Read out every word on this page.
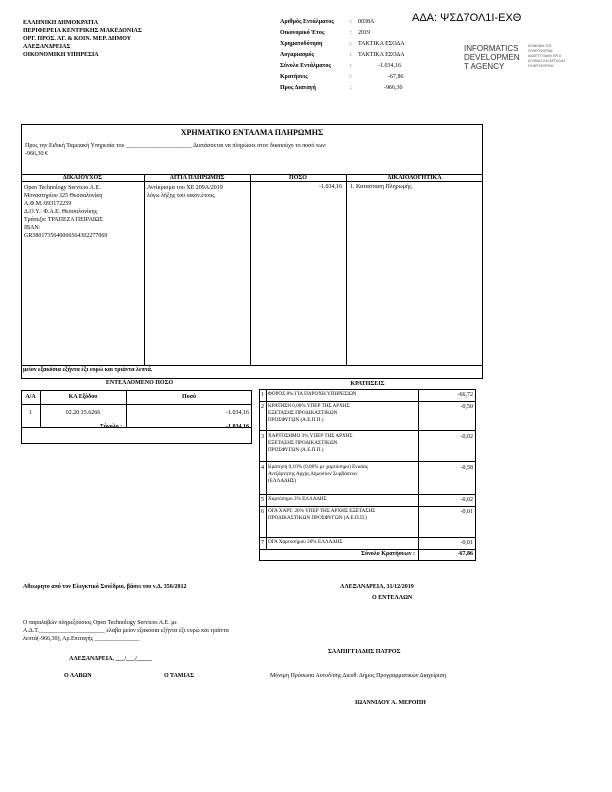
ΑΔΑ: ΨΣΔ7ΟΛ1Ι-ΕΧΘ
ΕΛΛΗΝΙΚΗ ΔΗΜΟΚΡΑΤΙΑ
ΠΕΡΙΦΕΡΕΙΑ ΚΕΝΤΡΙΚΗΣ ΜΑΚΕΔΟΝΙΑΣ
ΟΡΓ. ΠΡΟΣ. ΑΓ. & ΚΟΙΝ. ΜΕΡ. ΔΗΜΟΥ
ΑΛΕΞΑΝΔΡΕΙΑΣ
ΟΙΚΟΝΟΜΙΚΗ ΥΠΗΡΕΣΙΑ
Αριθμός Εντάλματος	: 0038Α
Οικονομικό Έτος	: 2019
Χρηματοδότηση	: ΤΑΚΤΙΚΑ ΕΣΟΔΑ
Λογαριασμός	: ΤΑΚΤΙΚΑ ΕΣΟΔΑ
Σύνολο Εντάλματος	:	-1.034,16
Κρατήσεις	:	-67,86
Προς Διαταγή	:	-966,30
INFORMATICS
DEVELOPMEN
T AGENCY
ΚΟΙΝΩΝΙΑ ΤΗΣ ΠΛΗΡΟΦΟΡΙΑΣ ΑΝΑΠΤΥΞΙΑΚΗ ΕΡΓΑ ΑΓΩΝΙΑΣ ΚΑΙ ΕΡΓΑΣΙΑΣ ΠΛΗΡΟΦΟΡΙΚΗ
ΧΡΗΜΑΤΙΚΟ ΕΝΤΑΛΜΑ ΠΛΗΡΩΜΗΣ
Προς την Ειδική Ταμειακή Υπηρεσία του ______________________ Διατάσσεται να πληρώσει στον δικαιούχο το ποσό των:
-966,30 €
ΔΙΚΑΙΟΥΧΟΣ	ΑΙΤΙΑ ΠΛΗΡΩΜΗΣ	ΠΟΣΟ	ΔΙΚΑΙΟΛΟΓΗΤΙΚΑ
Open Technology Services A.E.
Μοναστηρίου 325 Θεσσαλονίκη
Α.Φ.Μ.:093172259
Δ.Ο.Υ.: Φ.Α.Ε. Θεσσαλονίκης
Τράπεζα: ΤΡΑΠΕΖΑ ΠΕΙΡΑΙΩΣ
IBAN:
GR3801735640006564302277069
Αντίκρισμα του ΧΕ 209Α/2019
λόγω λήξης του οικον.έτους
-1.034,16 1. Κατασταση Πληρωμής
μείον εξακόσια εξήντα έξι ευρώ και τριάντα λεπτά.
ΕΝΤΕΛΛΟΜΕΝΟ ΠΟΣΟ
Α/Α	ΚΑ Εξόδου	Ποσό
1	02.20.15.6266	-1.034,16
Σύνολο :	-1.034,16
ΚΡΑΤΗΣΕΙΣ
1 ΦΟΡΟΣ 8% ΓΙΑ ΠΑΡΟΧΗ ΥΠΗΡΕΣΙΩΝ	-66,72
2 ΚΡΑΤΗΣΗ 0,06% ΥΠΕΡ ΤΗΣ ΑΡΧΗΣ ΕΞΕΤΑΣΗΣ ΠΡΟΔΙΚΑΣΤΙΚΩΝ ΠΡΟΣΦΥΓΩΝ (Α.Ε.Π.Π.)
-0,50
3 ΧΑΡΤΟΣΗΜΟ 3% ΥΠΕΡ ΤΗΣ ΑΡΧΗΣ ΕΞΕΤΑΣΗΣ ΠΡΟΔΙΚΑΣΤΙΚΩΝ ΠΡΟΣΦΥΓΩΝ (Α.Ε.Π.Π.)
-0,02
4 Κράτηση 0,10% (0,06% με χαρτόσημο) Ενιαίας Ανεξάρτητης Αρχής Δημοσίων Συμβάσεων (ΕΛΛΑΔΗΣ)
-0,58
5 Χαρτόσημο 3% ΕΛΛΑΔΗΣ	-0,02
6 ΟΓΑ ΧΑΡΤ. 20% ΥΠΕΡ ΤΗΣ ΑΡΧΗΣ ΕΞΕΤΑΣΗΣ ΠΡΟΔΙΚΑΣΤΙΚΩΝ ΠΡΟΣΦΥΓΩΝ (Α.Ε.Π.Π.)
-0,01
7 ΟΓΑ Χαρτοσήμου 20% ΕΛΛΑΔΗΣ	-0,01
Σύνολο Κρατήσεων :	-67,86
Αθεωρητο από τον Ελεγκτικό Συνέδριο, βάσει του ν.Δ. 356/2012	ΑΛΕΞΑΝΔΡΕΙΑ, 31/12/2019
Ο ΕΝΤΕΛΛΩΝ
Ο παραλαβών πληρεξούσιος Open Technology Services A.E. με
Α.Δ.Τ.______________________ έλαβα μείον εξακόσια εξήντα έξι ευρώ και τριάντα
λεπτά(-966,30), Αρ.Επιταγής _______________
ΑΛΕΞΑΝΔΡΕΙΑ, ___/___/_____
Ο ΛΑΒΩΝ	Ο ΤΑΜΙΑΣ
ΣΑΛΠΙΓΓΙΑΔΗΣ ΠΑΤΡΟΣ
Μόνιμη Πρόσωπα Αυτοδ/σης Διευθ. Δήμος Προγραμματικών Διαχείριση
ΙΩΑΝΝΙΔΟΥ Α. ΜΕΡΟΠΗ
